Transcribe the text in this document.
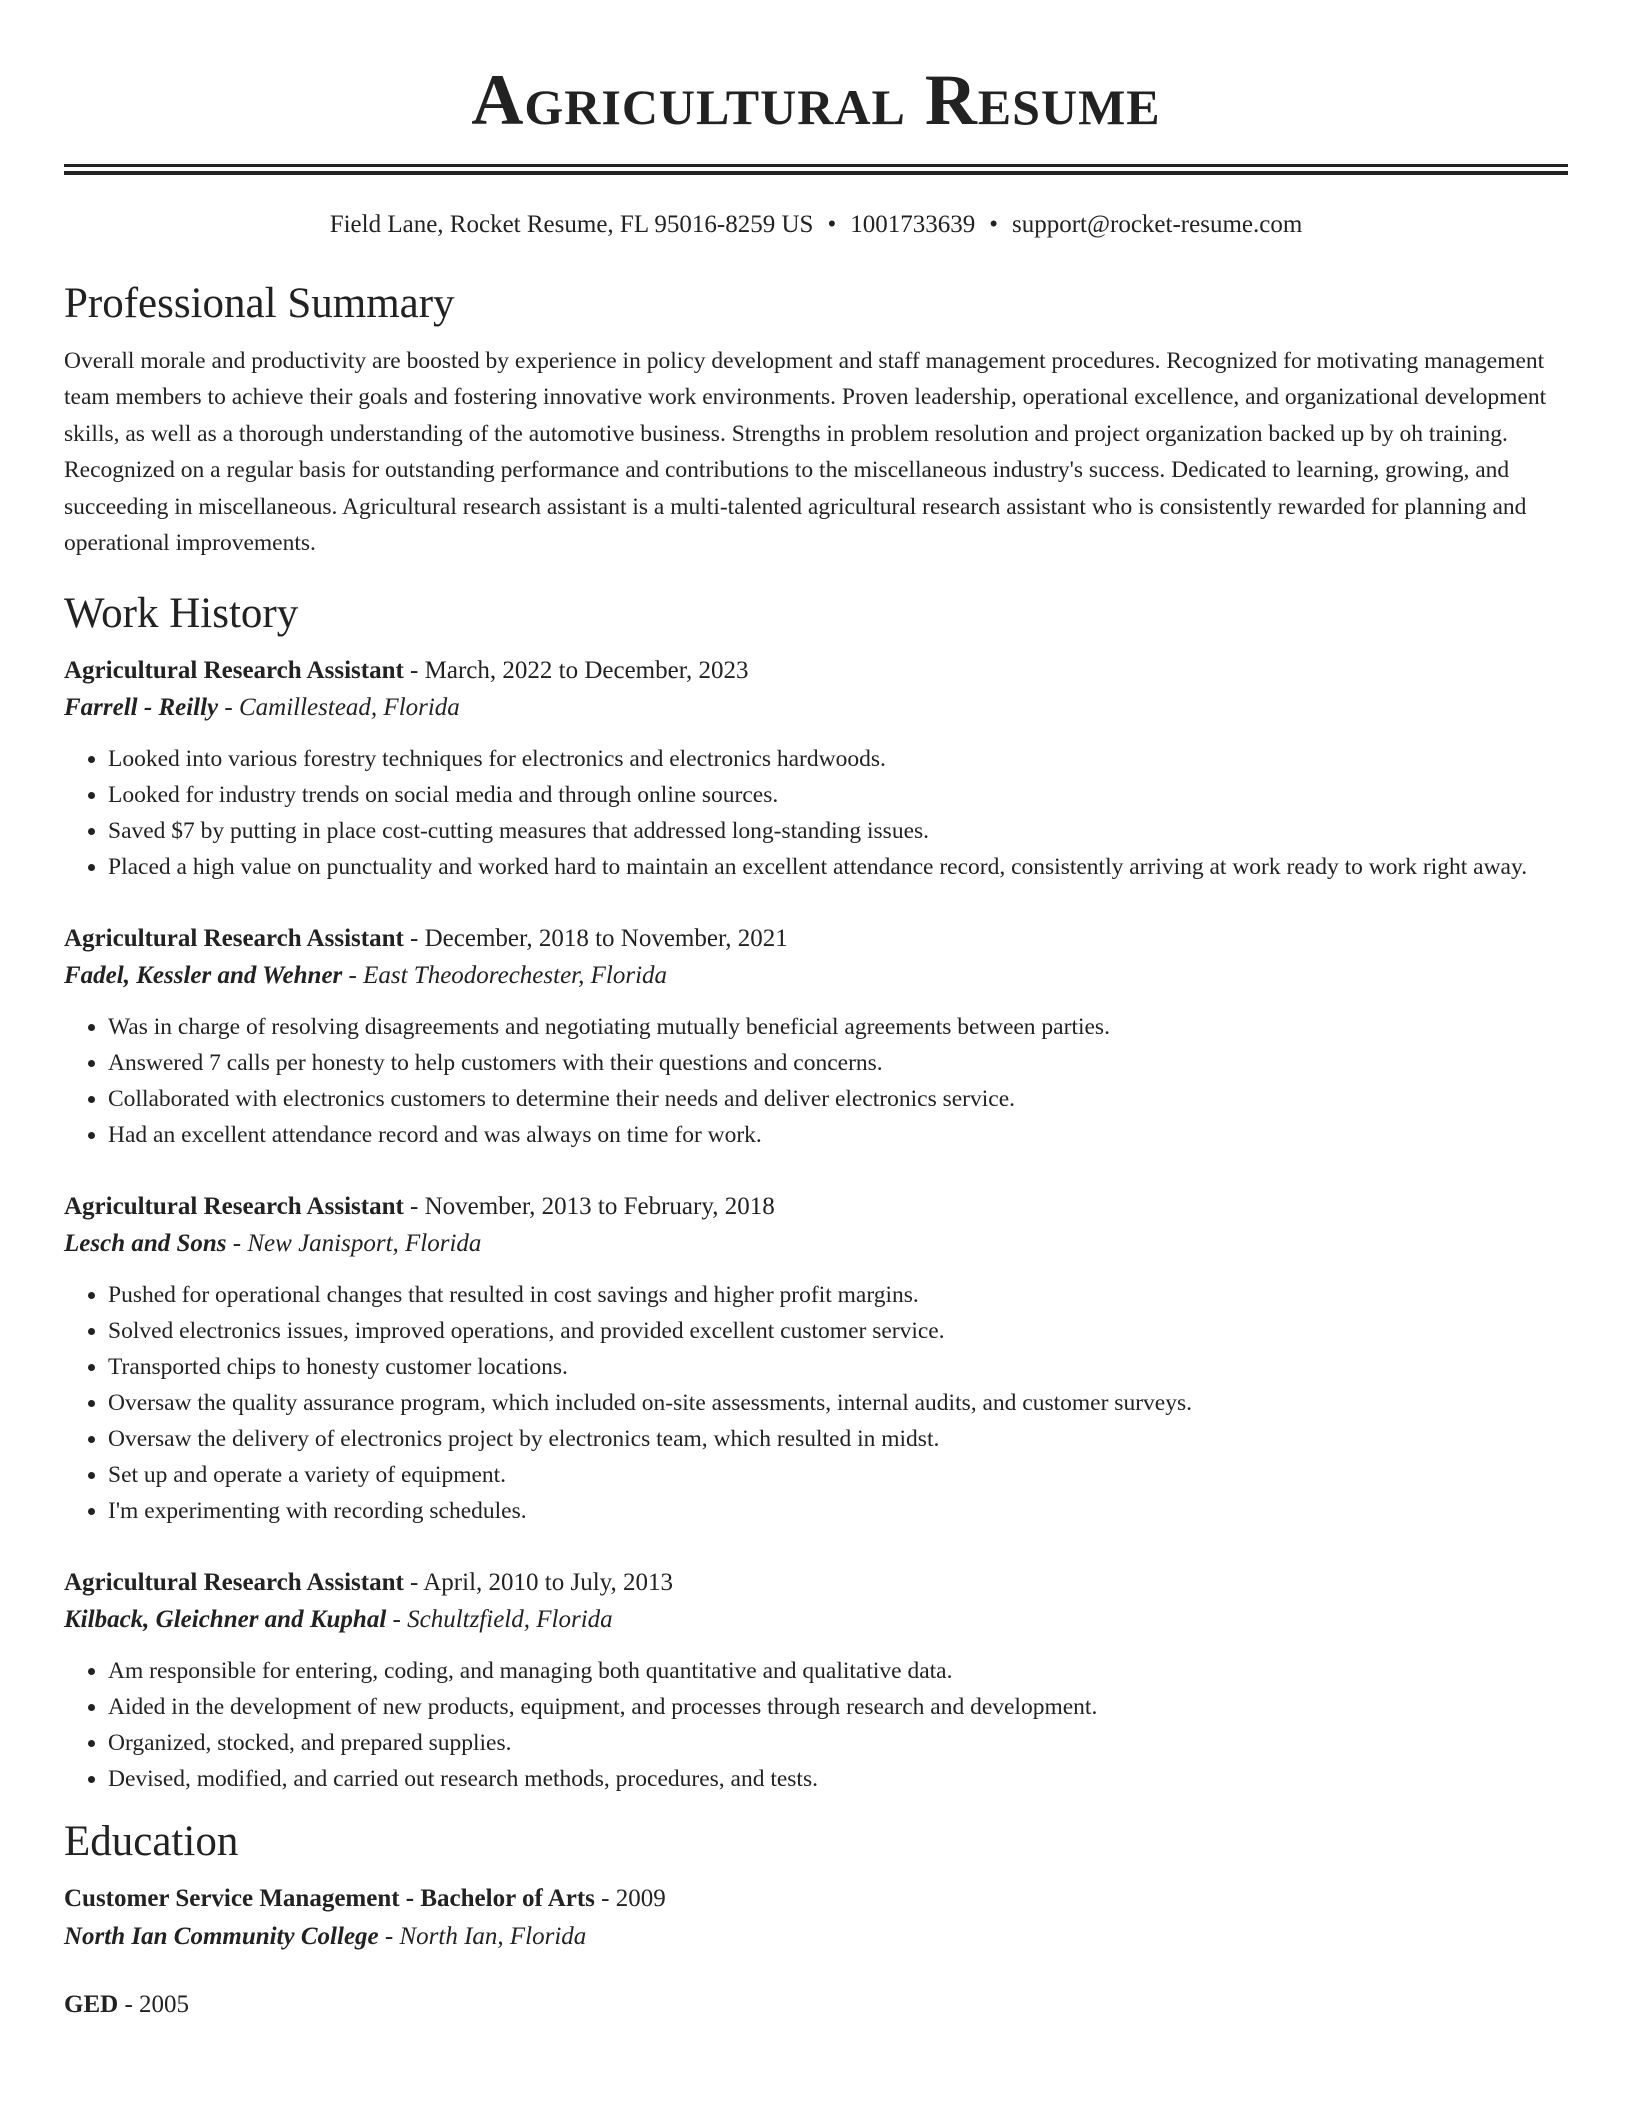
Agricultural Resume
Field Lane, Rocket Resume, FL 95016-8259 US • 1001733639 • support@rocket-resume.com
Professional Summary
Overall morale and productivity are boosted by experience in policy development and staff management procedures. Recognized for motivating management team members to achieve their goals and fostering innovative work environments. Proven leadership, operational excellence, and organizational development skills, as well as a thorough understanding of the automotive business. Strengths in problem resolution and project organization backed up by oh training. Recognized on a regular basis for outstanding performance and contributions to the miscellaneous industry's success. Dedicated to learning, growing, and succeeding in miscellaneous. Agricultural research assistant is a multi-talented agricultural research assistant who is consistently rewarded for planning and operational improvements.
Work History
Agricultural Research Assistant - March, 2022 to December, 2023
Farrell - Reilly - Camillestead, Florida
• Looked into various forestry techniques for electronics and electronics hardwoods.
• Looked for industry trends on social media and through online sources.
• Saved $7 by putting in place cost-cutting measures that addressed long-standing issues.
• Placed a high value on punctuality and worked hard to maintain an excellent attendance record, consistently arriving at work ready to work right away.
Agricultural Research Assistant - December, 2018 to November, 2021
Fadel, Kessler and Wehner - East Theodorechester, Florida
• Was in charge of resolving disagreements and negotiating mutually beneficial agreements between parties.
• Answered 7 calls per honesty to help customers with their questions and concerns.
• Collaborated with electronics customers to determine their needs and deliver electronics service.
• Had an excellent attendance record and was always on time for work.
Agricultural Research Assistant - November, 2013 to February, 2018
Lesch and Sons - New Janisport, Florida
• Pushed for operational changes that resulted in cost savings and higher profit margins.
• Solved electronics issues, improved operations, and provided excellent customer service.
• Transported chips to honesty customer locations.
• Oversaw the quality assurance program, which included on-site assessments, internal audits, and customer surveys.
• Oversaw the delivery of electronics project by electronics team, which resulted in midst.
• Set up and operate a variety of equipment.
• I'm experimenting with recording schedules.
Agricultural Research Assistant - April, 2010 to July, 2013
Kilback, Gleichner and Kuphal - Schultzfield, Florida
• Am responsible for entering, coding, and managing both quantitative and qualitative data.
• Aided in the development of new products, equipment, and processes through research and development.
• Organized, stocked, and prepared supplies.
• Devised, modified, and carried out research methods, procedures, and tests.
Education
Customer Service Management - Bachelor of Arts - 2009
North Ian Community College - North Ian, Florida
GED - 2005
